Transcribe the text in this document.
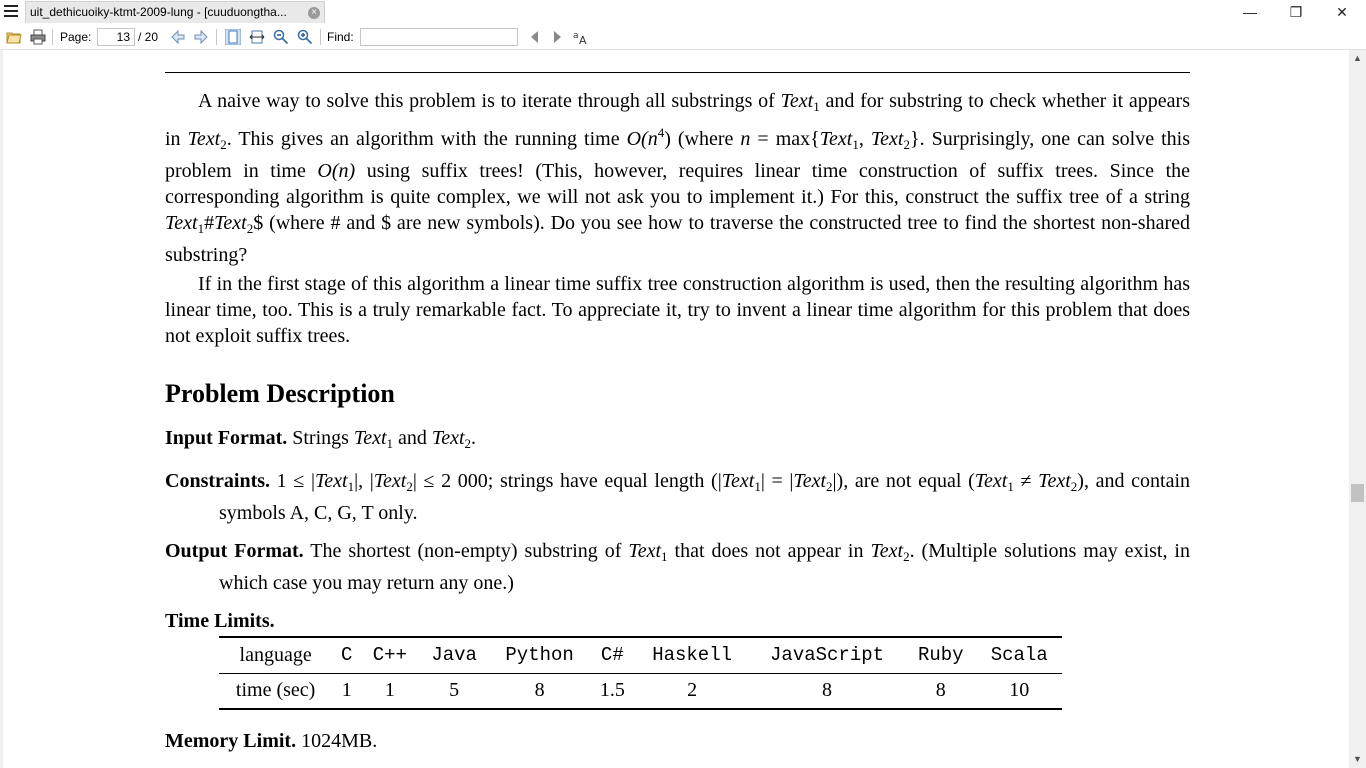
uit_dethicuoiky-ktmt-2009-lung - [cuuduongtha...	×	—	❐	✕
Page:	13 / 20	Find:	a A
A naive way to solve this problem is to iterate through all substrings of Text$_1$ and for substring to check whether it appears in Text$_2$. This gives an algorithm with the running time $O(n^4)$ (where n = max{Text$_1$, Text$_2$}. Surprisingly, one can solve this problem in time O(n) using suffix trees! (This, however, requires linear time construction of suffix trees. Since the corresponding algorithm is quite complex, we will not ask you to implement it.) For this, construct the suffix tree of a string Text$_1$#Text$_2$\$ (where # and $ are new symbols). Do you see how to traverse the constructed tree to find the shortest non-shared substring?
If in the first stage of this algorithm a linear time suffix tree construction algorithm is used, then the resulting algorithm has linear time, too. This is a truly remarkable fact. To appreciate it, try to invent a linear time algorithm for this problem that does not exploit suffix trees.
Problem Description
Input Format. Strings Text$_1$ and Text$_2$.
Constraints. 1 ≤ |Text$_1$|, |Text$_2$| ≤ 2 000; strings have equal length (|Text$_1$| = |Text$_2$|), are not equal (Text$_1$ ≠ Text$_2$), and contain symbols A, C, G, T only.
Output Format. The shortest (non-empty) substring of Text$_1$ that does not appear in Text$_2$. (Multiple solutions may exist, in which case you may return any one.)
Time Limits.
language	C	C++	Java	Python	C#	Haskell	JavaScript	Ruby	Scala
time (sec)	1	1	5	8	1.5	2	8	8	10
Memory Limit. 1024MB.
▲
▼
